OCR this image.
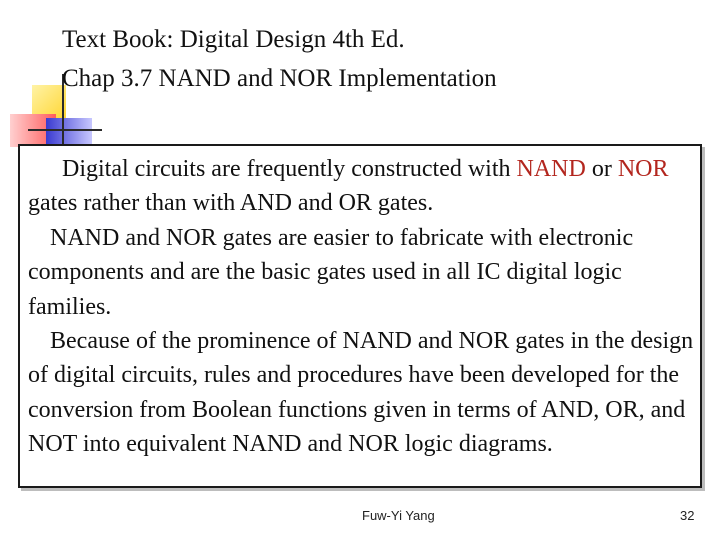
Text Book: Digital Design 4th Ed.
Chap 3.7 NAND and NOR Implementation

Digital circuits are frequently constructed with NAND or NOR gates rather than with AND and OR gates.

NAND and NOR gates are easier to fabricate with electronic components and are the basic gates used in all IC digital logic families.

Because of the prominence of NAND and NOR gates in the design of digital circuits, rules and procedures have been developed for the conversion from Boolean functions given in terms of AND, OR, and NOT into equivalent NAND and NOR logic diagrams.

Fuw-Yi Yang	32
